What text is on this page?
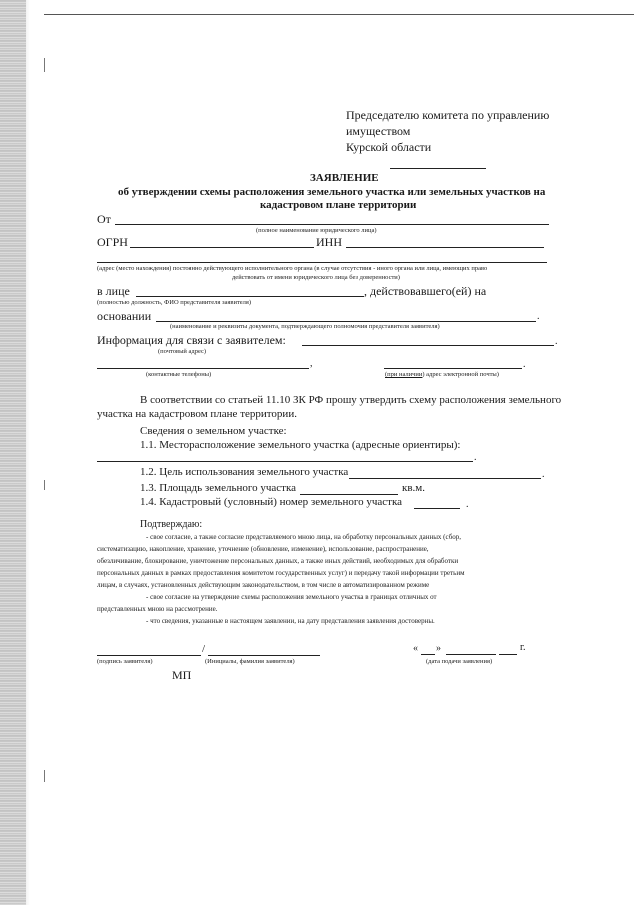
Председателю комитета по управлению
имуществом
Курской области
ЗАЯВЛЕНИЕ
об утверждении схемы расположения земельного участка или земельных участков на
кадастровом плане территории
От
(полное наименование юридического лица)
ОГРН	ИНН
(адрес (место нахождения) постоянно действующего исполнительного органа (в случае отсутствия - иного органа или лица, имеющих право
действовать от имени юридического лица без доверенности)
в лице	, действовавшего(ей) на
(полностью должность, ФИО представителя заявителя)
основании	.
(наименование и реквизиты документа, подтверждающего полномочия представителя заявителя)
Информация для связи с заявителем:	.
(почтовый адрес)
,
(контактные телефоны)
.
(при наличии) адрес электронной почты)
В соответствии со статьей 11.10 ЗК РФ прошу утвердить схему расположения земельного
участка на кадастровом плане территории.
Сведения о земельном участке:
1.1. Месторасположение земельного участка (адресные ориентиры):
.
1.2. Цель использования земельного участка	.
1.3. Площадь земельного участка	кв.м.
1.4. Кадастровый (условный) номер земельного участка	.
Подтверждаю:
- свое согласие, а также согласие представляемого мною лица, на обработку персональных данных (сбор,
систематизацию, накопление, хранение, уточнение (обновление, изменение), использование, распространение,
обезличивание, блокирование, уничтожение персональных данных, а также иных действий, необходимых для обработки
персональных данных в рамках предоставления комитетом государственных услуг) и передачу такой информации третьим
лицам, в случаях, установленных действующим законодательством, в том числе в автоматизированном режиме
- свое согласие на утверждение схемы расположения земельного участка в границах отличных от
представленных мною на рассмотрение.
- что сведения, указанные в настоящем заявлении, на дату представления заявления достоверны.
/
(подпись заявителя)	(Инициалы, фамилия заявителя)
« »	г.
(дата подачи заявления)
МП
